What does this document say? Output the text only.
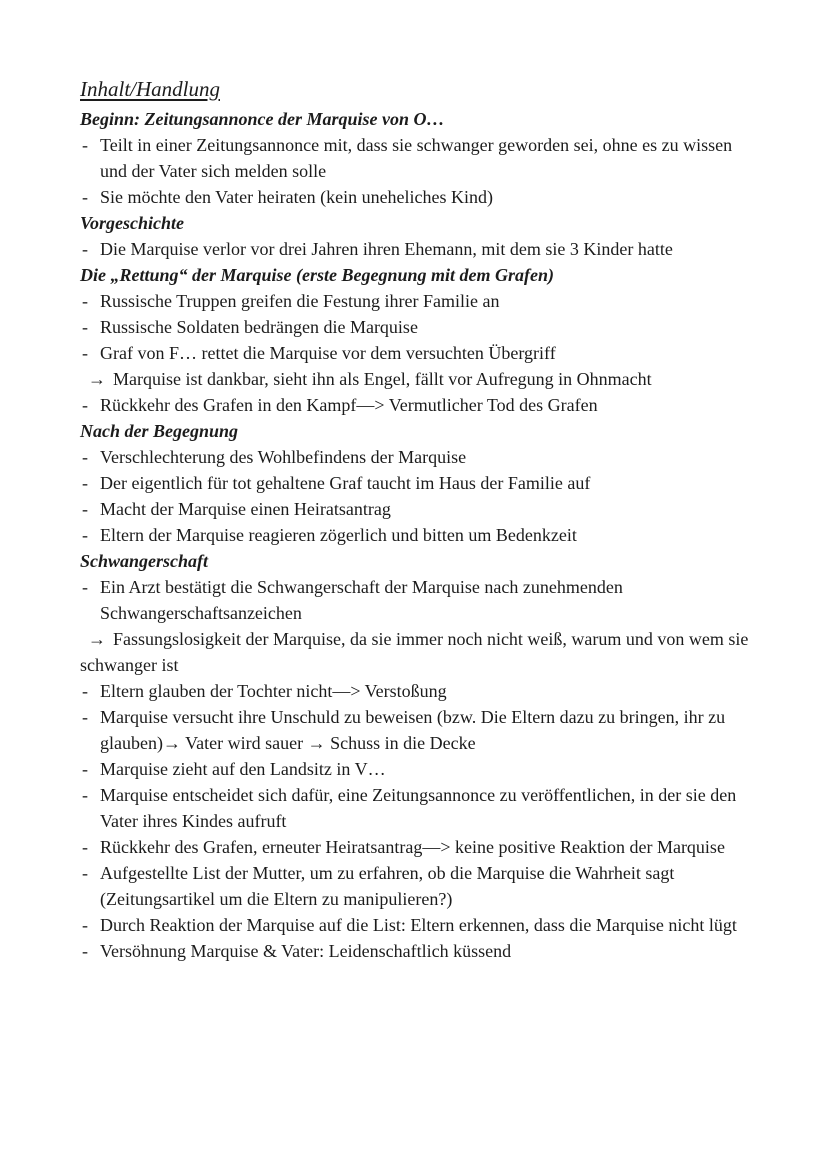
Inhalt/Handlung
Beginn: Zeitungsannonce der Marquise von O…
- Teilt in einer Zeitungsannonce mit, dass sie schwanger geworden sei, ohne es zu wissen und der Vater sich melden solle
- Sie möchte den Vater heiraten (kein uneheliches Kind)
Vorgeschichte
- Die Marquise verlor vor drei Jahren ihren Ehemann, mit dem sie 3 Kinder hatte
Die „Rettung“ der Marquise (erste Begegnung mit dem Grafen)
- Russische Truppen greifen die Festung ihrer Familie an
- Russische Soldaten bedrängen die Marquise
- Graf von F… rettet die Marquise vor dem versuchten Übergriff
→ Marquise ist dankbar, sieht ihn als Engel, fällt vor Aufregung in Ohnmacht
- Rückkehr des Grafen in den Kampf—> Vermutlicher Tod des Grafen
Nach der Begegnung
- Verschlechterung des Wohlbefindens der Marquise
- Der eigentlich für tot gehaltene Graf taucht im Haus der Familie auf
- Macht der Marquise einen Heiratsantrag
- Eltern der Marquise reagieren zögerlich und bitten um Bedenkzeit
Schwangerschaft
- Ein Arzt bestätigt die Schwangerschaft der Marquise nach zunehmenden Schwangerschaftsanzeichen
→ Fassungslosigkeit der Marquise, da sie immer noch nicht weiß, warum und von wem sie schwanger ist
- Eltern glauben der Tochter nicht—> Verstoßung
- Marquise versucht ihre Unschuld zu beweisen (bzw. Die Eltern dazu zu bringen, ihr zu glauben)→ Vater wird sauer → Schuss in die Decke
- Marquise zieht auf den Landsitz in V…
- Marquise entscheidet sich dafür, eine Zeitungsannonce zu veröffentlichen, in der sie den Vater ihres Kindes aufruft
- Rückkehr des Grafen, erneuter Heiratsantrag—> keine positive Reaktion der Marquise
- Aufgestellte List der Mutter, um zu erfahren, ob die Marquise die Wahrheit sagt (Zeitungsartikel um die Eltern zu manipulieren?)
- Durch Reaktion der Marquise auf die List: Eltern erkennen, dass die Marquise nicht lügt
- Versöhnung Marquise & Vater: Leidenschaftlich küssend
